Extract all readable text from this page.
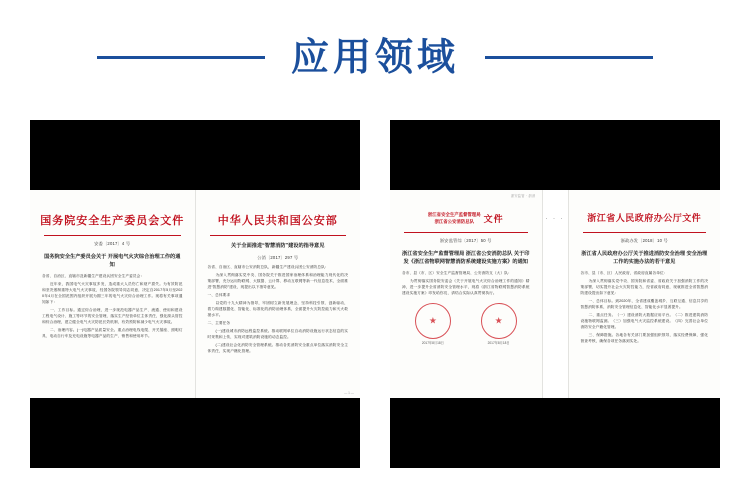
应用领域
国务院安全生产委员会文件
安委〔2017〕4 号
国务院安全生产委员会关于 开展电气火灾综合治理工作的通知

各省、自治区、直辖市及新疆生产建设兵团安全生产委员会：

近年来，我国电气火灾事故多发，造成重大人员伤亡和财产损失。为有效防范和坚决遏制重特大电气火灾事故，经国务院领导同志同意，决定自2017年5月至2020年4月在全国范围内组织开展为期三年的电气火灾综合治理工作。现将有关事项通知如下：

一、工作目标。通过综合治理，进一步规范电器产品生产、流通、使用和建设工程电气设计、施工等环节的安全管理，落实生产经营单位主体责任，强化源头管控和综合治理，建立健全电气火灾防范长效机制，有效预防和减少电气火灾事故。

二、治理内容。(一)电器产品质量安全。重点治理电线电缆、开关插座、照明灯具、电动自行车及充电设施等电器产品的生产、销售和使用环节。

中华人民共和国公安部
关于全面推进“智慧消防”建设的指导意见
公消〔2017〕297 号

各省、自治区、直辖市公安消防总队，新疆生产建设兵团公安消防总队：

为深入贯彻落实党中央、国务院关于推进国家治理体系和治理能力现代化的决策部署，充分运用物联网、大数据、云计算、移动互联网等新一代信息技术，全面推进“智慧消防”建设，现提出以下指导意见。

一、总体要求

以党的十九大精神为指导，牢固树立新发展理念，坚持科技引领、创新驱动，着力构建数据化、智能化、标准化的消防治理体系，全面提升火灾防控能力和灭火救援水平。

二、主要任务

(一)建设城市消防远程监控系统。推动联网单位自动消防设施运行状态信息的实时采集和上传，实现对建筑消防设施的动态监控。

(二)建设社会化消防安全管理系统。推动各类消防安全重点单位落实消防安全主体责任，实现户籍化管理。

— 1 —
浙安监管 · 浙消
浙江省安全生产监督管理局
浙江省公安消防总队	文件
浙安监管综〔2017〕50 号
浙江省安全生产监督管理局 浙江省公安消防总队 关于印发《浙江省物联网智慧消防系统建设实施方案》的通知

各市、县（市、区）安全生产监督管理局、公安消防支（大）队：

为贯彻落实国务院安委会《关于开展电气火灾综合治理工作的通知》精神，进一步提升全省消防安全管理水平，现将《浙江省物联网智慧消防系统建设实施方案》印发给你们，请结合实际认真贯彻执行。

★
2017年8月18日
★	2017年8月18日
· · ·	浙江省人民政府办公厅文件
浙政办发〔2018〕10 号
浙江省人民政府办公厅关于推进消防安全治理 安全治理工作的实施办法的若干意见

各市、县（市、区）人民政府，省政府直属各单位：

为深入贯彻落实党中央、国务院和省委、省政府关于加强消防工作的决策部署，切实提升社会火灾防控能力，经省政府同意，现就推进全省智慧消防建设提出如下意见：

一、总体目标。到2020年，全省建成覆盖城乡、互联互通、信息共享的智慧消防体系，消防安全管理信息化、智能化水平显著提升。

二、重点任务。（一）建设消防大数据应用平台。（二）推进建筑消防设施物联网监测。（三）加强电气火灾监控系统建设。（四）完善社会单位消防安全户籍化管理。

三、保障措施。各地各有关部门要加强组织领导，落实经费保障，强化督查考核，确保各项任务落到实处。
